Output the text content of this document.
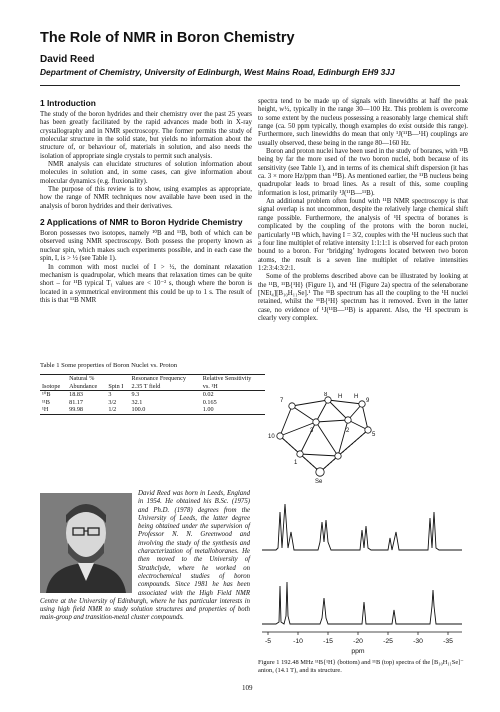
The Role of NMR in Boron Chemistry
David Reed
Department of Chemistry, University of Edinburgh, West Mains Road, Edinburgh EH9 3JJ
1 Introduction

The study of the boron hydrides and their chemistry over the past 25 years has been greatly facilitated by the rapid advances made both in X-ray crystallography and in NMR spectroscopy. The former permits the study of molecular structure in the solid state, but yields no information about the structure of, or behaviour of, materials in solution, and also needs the isolation of appropriate single crystals to permit such analysis.

NMR analysis can elucidate structures of solution information about molecules in solution and, in some cases, can give information about molecular dynamics (e.g. fluxionality).

The purpose of this review is to show, using examples as appropriate, how the range of NMR techniques now available have been used in the analysis of boron hydrides and their derivatives.

2 Applications of NMR to Boron Hydride Chemistry

Boron possesses two isotopes, namely ¹⁰B and ¹¹B, both of which can be observed using NMR spectroscopy. Both possess the property known as nuclear spin, which makes such experiments possible, and in each case the spin, I, is > ½ (see Table 1).

In common with most nuclei of I > ½, the dominant relaxation mechanism is quadrupolar, which means that relaxation times can be quite short – for ¹¹B typical T₁ values are < 10⁻² s, though where the boron is located in a symmetrical environment this could be up to 1 s. The result of this is that ¹¹B NMR

Table 1 Some properties of Boron Nuclei vs. Proton
	Natural %		Resonance Frequency	Relative Sensitivity
Isotope	Abundance	Spin I	2.35 T field	vs. ¹H
¹⁰B	18.83	3	9.3	0.02
¹¹B	81.17	3/2	32.1	0.165
¹H	99.98	1/2	100.0	1.00
David Reed was born in Leeds, England in 1954. He obtained his B.Sc. (1975) and Ph.D. (1978) degrees from the University of Leeds, the latter degree being obtained under the supervision of Professor N. N. Greenwood and involving the study of the synthesis and characterization of metalloboranes. He then moved to the University of Strathclyde, where he worked on electrochemical studies of boron compounds. Since 1981 he has been associated with the High Field NMR Centre at the University of Edinburgh, where he has particular interests in using high field NMR to study solution structures and properties of both main-group and transition-metal cluster compounds.

spectra tend to be made up of signals with linewidths at half the peak height, w½, typically in the range 30—100 Hz. This problem is overcome to some extent by the nucleus possessing a reasonably large chemical shift range (ca. 50 ppm typically, though examples do exist outside this range). Furthermore, such linewidths do mean that only ¹J(¹¹B—¹H) couplings are usually observed, these being in the range 80—160 Hz.

Boron and proton nuclei have been used in the study of boranes, with ¹¹B being by far the more used of the two boron nuclei, both because of its sensitivity (see Table 1), and in terms of its chemical shift dispersion (it has ca. 3 × more Hz/ppm than ¹⁰B). As mentioned earlier, the ¹¹B nucleus being quadrupolar leads to broad lines. As a result of this, some coupling information is lost, primarily ¹J(¹¹B—¹¹B).

An additional problem often found with ¹¹B NMR spectroscopy is that signal overlap is not uncommon, despite the relatively large chemical shift range possible. Furthermore, the analysis of ¹H spectra of boranes is complicated by the coupling of the protons with the boron nuclei, particularly ¹¹B which, having I = 3/2, couples with the ¹H nucleus such that a four line multiplet of relative intensity 1:1:1:1 is observed for each proton bound to a boron. For ‘bridging’ hydrogens located between two boron atoms, the result is a seven line multiplet of relative intensities 1:2:3:4:3:2:1.

Some of the problems described above can be illustrated by looking at the ¹¹B, ¹¹B{¹H} (Figure 1), and ¹H (Figure 2a) spectra of the selenaborane [NEt₄][B₁₀H₁₁Se].¹ The ¹¹B spectrum has all the coupling to the ¹H nuclei retained, whilst the ¹¹B{¹H} spectrum has it removed. Even in the latter case, no evidence of ¹J(¹¹B—¹¹B) is apparent. Also, the ¹H spectrum is clearly very complex.

7
8
9
10	5
3	2
1
H H
Se
-5	-10	-15	-20	-25	-30	-35
ppm
Figure 1 192.48 MHz ¹¹B{¹H} (bottom) and ¹¹B (top) spectra of the [B₁₀H₁₁Se]⁻ anion, (14.1 T), and its structure.
109
